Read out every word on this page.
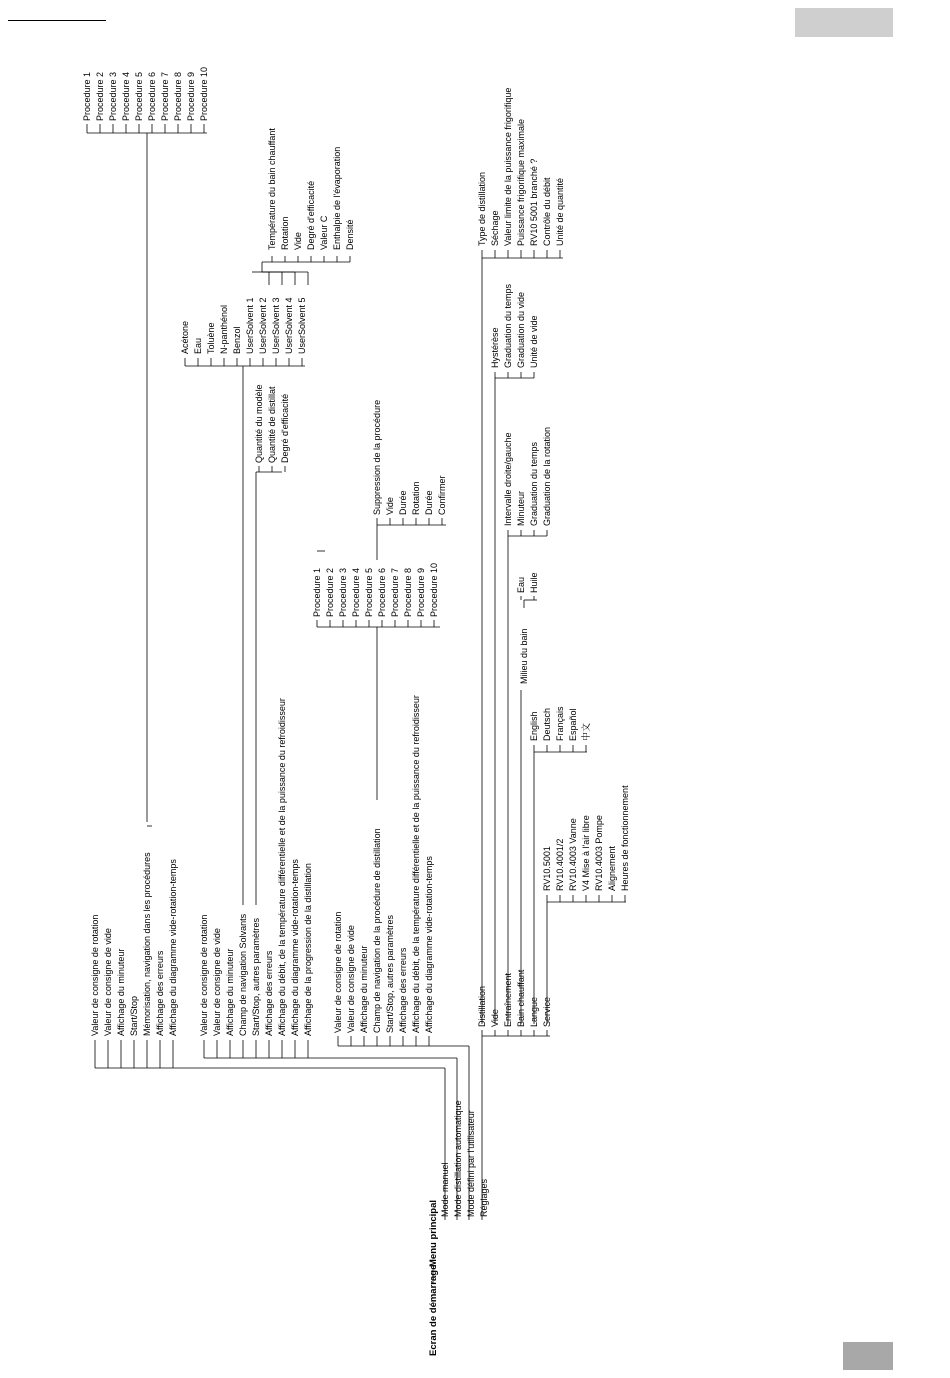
Ecran de démarrage
Menu principal
Mode manuel Mode distillation automatique Mode défini par l'utilisateur Réglages
Valeur de consigne de rotation Valeur de consigne de vide Affichage du minuteur Start/Stop Mémorisation, navigation dans les procédures Affichage des erreurs Affichage du diagramme vide-rotation-temps
Procedure 1 Procedure 2 Procedure 3 Procedure 4 Procedure 5 Procedure 6 Procedure 7 Procedure 8 Procedure 9 Procedure 10
Valeur de consigne de rotation Valeur de consigne de vide Affichage du minuteur Champ de navigation Solvants Start/Stop, autres paramètres Affichage des erreurs Affichage du débit, de la température différentielle et de la puissance du refroidisseur Affichage du diagramme vide-rotation-temps Affichage de la progression de la distillation
Acétone Eau Toluène N-panthénol Benzol UserSolvent 1 UserSolvent 2 UserSolvent 3 UserSolvent 4 UserSolvent 5
Température du bain chauffant Rotation Vide Degré d'efficacité Valeur C Enthalpie de l'évaporation Densité
Quantité du modèle Quantité de distillat Degré d'efficacité
Valeur de consigne de rotation Valeur de consigne de vide Affichage du minuteur Champ de navigation de la procédure de distillation Start/Stop, autres paramètres Affichage des erreurs Affichage du débit, de la température différentielle et de la puissance du refroidisseur Affichage du diagramme vide-rotation-temps
Procedure 1 Procedure 2 Procedure 3 Procedure 4 Procedure 5 Procedure 6 Procedure 7 Procedure 8 Procedure 9 Procedure 10
Suppression de la procédure Vide Durée Rotation Durée Confirmer
Distillation Vide Entraînement Bain chauffant Langue Service
Type de distillation Séchage Valeur limite de la puissance frigorifique Puissance frigorifique maximale RV10 5001 branché ? Contrôle du débit Unité de quantité
Hystérèse Graduation du temps Graduation du vide Unité de vide
Intervalle droite/gauche Minuteur Graduation du temps Graduation de la rotation
Milieu du bain
Eau Huile
English Deutsch Français Español 中文
RV10.5001 RV10.4001/2 RV10.4003 Vanne V4 Mise à l'air libre RV10.4003 Pompe Alignement Heures de fonctionnement
